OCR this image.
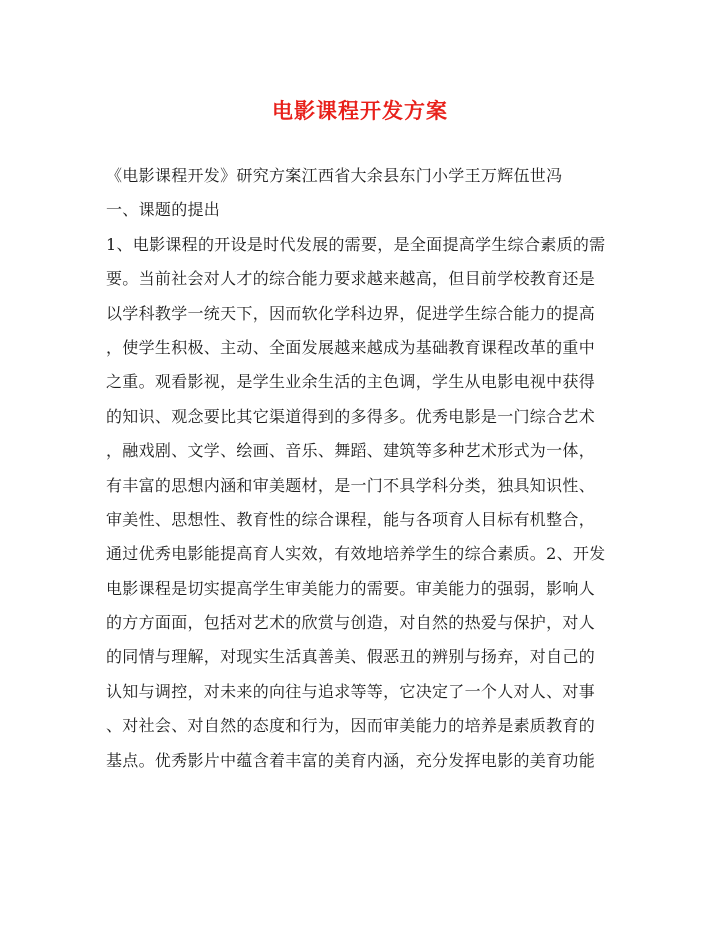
电影课程开发方案
《电影课程开发》研究方案江西省大余县东门小学王万辉伍世冯
一、课题的提出
1、电影课程的开设是时代发展的需要，是全面提高学生综合素质的需
要。当前社会对人才的综合能力要求越来越高，但目前学校教育还是
以学科教学一统天下，因而软化学科边界，促进学生综合能力的提高
，使学生积极、主动、全面发展越来越成为基础教育课程改革的重中
之重。观看影视，是学生业余生活的主色调，学生从电影电视中获得
的知识、观念要比其它渠道得到的多得多。优秀电影是一门综合艺术
，融戏剧、文学、绘画、音乐、舞蹈、建筑等多种艺术形式为一体，
有丰富的思想内涵和审美题材，是一门不具学科分类，独具知识性、
审美性、思想性、教育性的综合课程，能与各项育人目标有机整合，
通过优秀电影能提高育人实效，有效地培养学生的综合素质。2、开发
电影课程是切实提高学生审美能力的需要。审美能力的强弱，影响人
的方方面面，包括对艺术的欣赏与创造，对自然的热爱与保护，对人
的同情与理解，对现实生活真善美、假恶丑的辨别与扬弃，对自己的
认知与调控，对未来的向往与追求等等，它决定了一个人对人、对事
、对社会、对自然的态度和行为，因而审美能力的培养是素质教育的
基点。优秀影片中蕴含着丰富的美育内涵，充分发挥电影的美育功能
